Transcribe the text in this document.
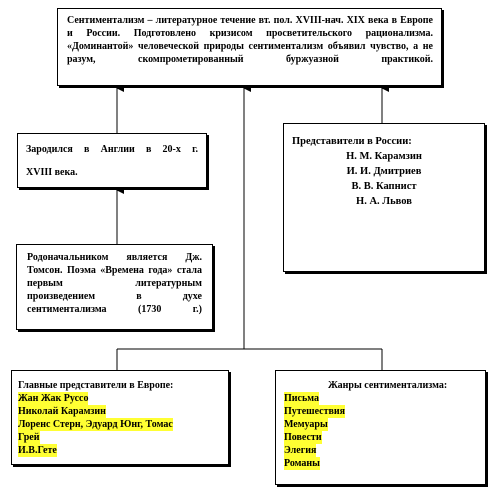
Сентиментализм – литературное течение вт. пол. XVIII-нач. XIX века в Европе и России. Подготовлено кризисом просветительского рационализма. «Доминантой» человеческой природы сентиментализм объявил чувство, а не разум, скомпрометированный буржуазной практикой.
Зародился в Англии в 20-х г.
XVIII века.
Родоначальником является Дж. Томсон. Поэма «Времена года» стала первым литературным произведением в духе сентиментализма (1730 г.)
Представители в России:
Н. М. Карамзин
И. И. Дмитриев
В. В. Капнист
Н. А. Львов
Главные представители в Европе:
Жан Жак Руссо
Николай Карамзин
Лоренс Стерн, Эдуард Юнг, Томас
Грей
И.В.Гете
Жанры сентиментализма:
Письма
Путешествия
Мемуары
Повести
Элегия
Романы
